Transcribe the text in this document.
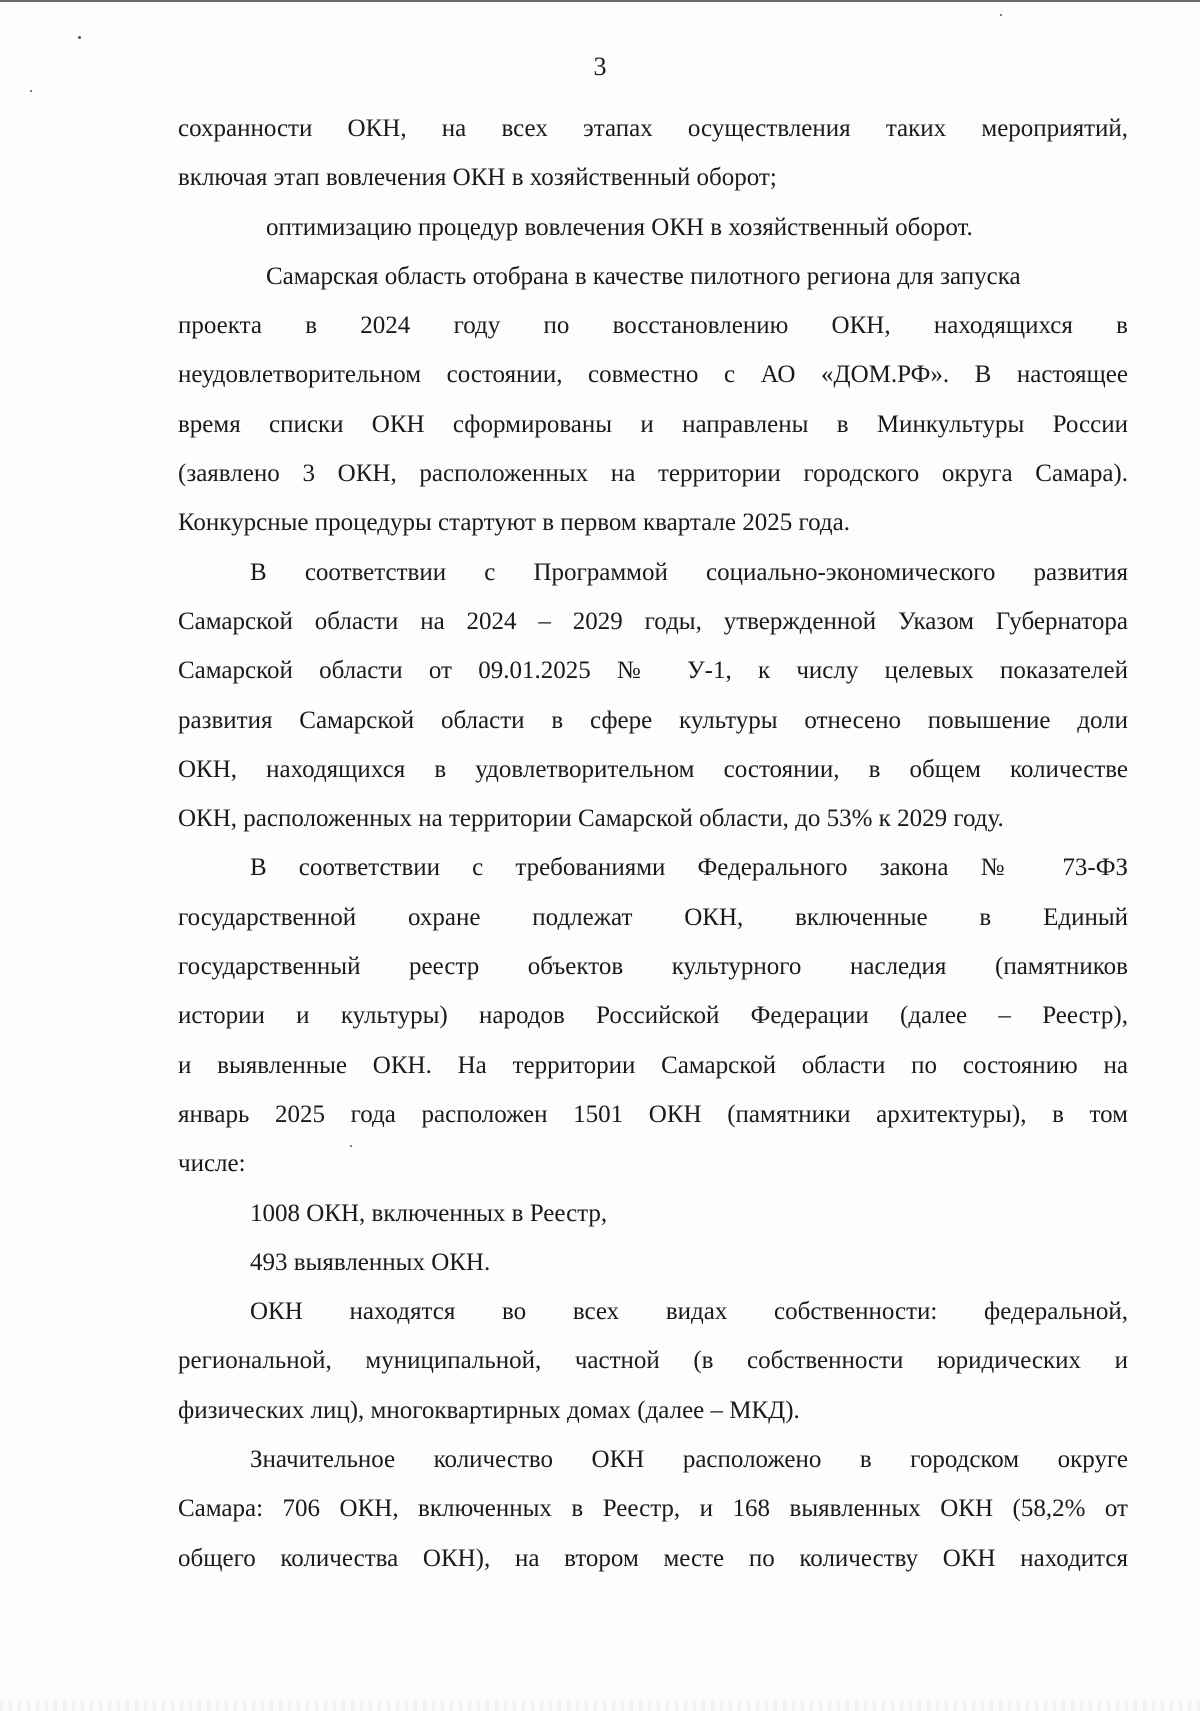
3
сохранности ОКН, на всех этапах осуществления таких мероприятий,
включая этап вовлечения ОКН в хозяйственный оборот;
оптимизацию процедур вовлечения ОКН в хозяйственный оборот.
Самарская область отобрана в качестве пилотного региона для запуска
проекта в 2024 году по восстановлению ОКН, находящихся в
неудовлетворительном состоянии, совместно с АО «ДОМ.РФ». В настоящее
время списки ОКН сформированы и направлены в Минкультуры России
(заявлено 3 ОКН, расположенных на территории городского округа Самара).
Конкурсные процедуры стартуют в первом квартале 2025 года.
В соответствии с Программой социально-экономического развития
Самарской области на 2024 – 2029 годы, утвержденной Указом Губернатора
Самарской области от 09.01.2025 № У-1, к числу целевых показателей
развития Самарской области в сфере культуры отнесено повышение доли
ОКН, находящихся в удовлетворительном состоянии, в общем количестве
ОКН, расположенных на территории Самарской области, до 53% к 2029 году.
В соответствии с требованиями Федерального закона № 73-ФЗ
государственной охране подлежат ОКН, включенные в Единый
государственный реестр объектов культурного наследия (памятников
истории и культуры) народов Российской Федерации (далее – Реестр),
и выявленные ОКН. На территории Самарской области по состоянию на
январь 2025 года расположен 1501 ОКН (памятники архитектуры), в том
числе:
1008 ОКН, включенных в Реестр,
493 выявленных ОКН.
ОКН находятся во всех видах собственности: федеральной,
региональной, муниципальной, частной (в собственности юридических и
физических лиц), многоквартирных домах (далее – МКД).
Значительное количество ОКН расположено в городском округе
Самара: 706 ОКН, включенных в Реестр, и 168 выявленных ОКН (58,2% от
общего количества ОКН), на втором месте по количеству ОКН находится
